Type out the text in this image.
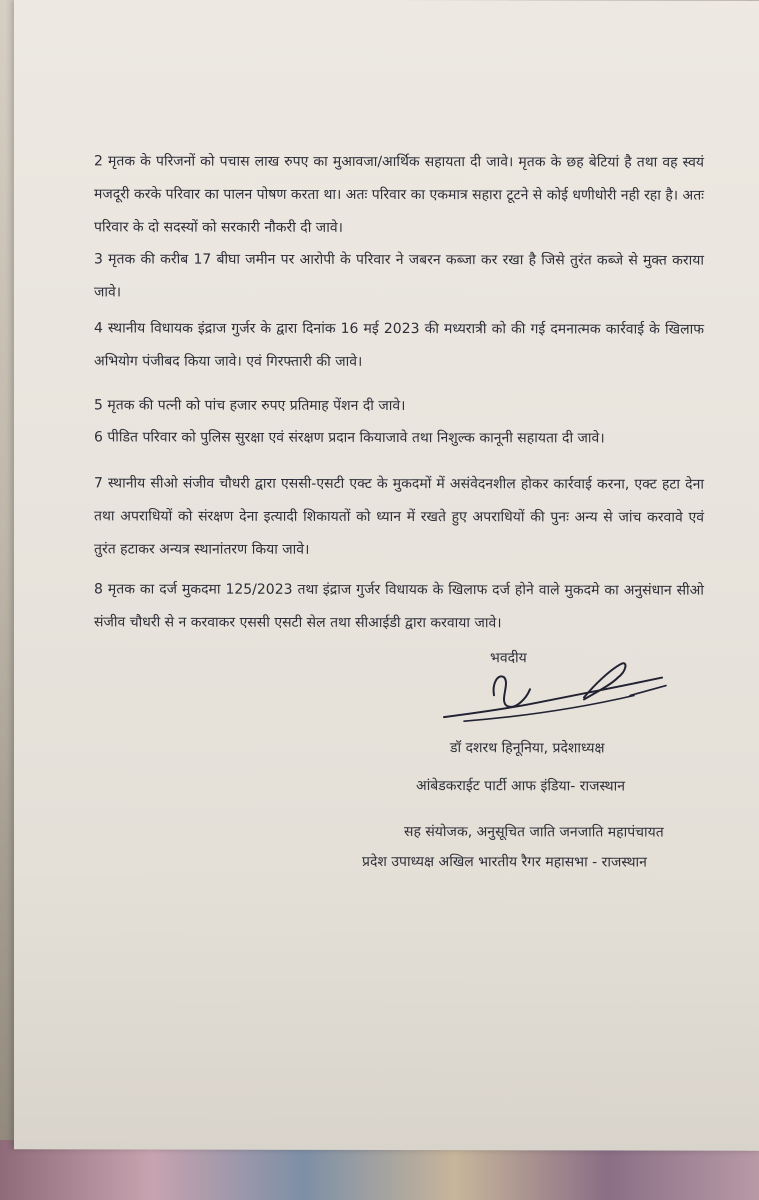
2 मृतक के परिजनों को पचास लाख रुपए का मुआवजा/आर्थिक सहायता दी जावे। मृतक के छह बेटियां है तथा वह स्वयं मजदूरी करके परिवार का पालन पोषण करता था। अतः परिवार का एकमात्र सहारा टूटने से कोई धणीधोरी नही रहा है। अतः परिवार के दो सदस्यों को सरकारी नौकरी दी जावे।

3 मृतक की करीब 17 बीघा जमीन पर आरोपी के परिवार ने जबरन कब्जा कर रखा है जिसे तुरंत कब्जे से मुक्त कराया जावे।

4 स्थानीय विधायक इंद्राज गुर्जर के द्वारा दिनांक 16 मई 2023 की मध्यरात्री को की गई दमनात्मक कार्रवाई के खिलाफ अभियोग पंजीबद किया जावे। एवं गिरफ्तारी की जावे।

5 मृतक की पत्नी को पांच हजार रुपए प्रतिमाह पेंशन दी जावे।

6 पीडित परिवार को पुलिस सुरक्षा एवं संरक्षण प्रदान कियाजावे तथा निशुल्क कानूनी सहायता दी जावे।

7 स्थानीय सीओ संजीव चौधरी द्वारा एससी-एसटी एक्ट के मुकदमों में असंवेदनशील होकर कार्रवाई करना, एक्ट हटा देना तथा अपराधियों को संरक्षण देना इत्यादी शिकायतों को ध्यान में रखते हुए अपराधियों की पुनः अन्य से जांच करवावे एवं तुरंत हटाकर अन्यत्र स्थानांतरण किया जावे।

8 मृतक का दर्ज मुकदमा 125/2023 तथा इंद्राज गुर्जर विधायक के खिलाफ दर्ज होने वाले मुकदमे का अनुसंधान सीओ संजीव चौधरी से न करवाकर एससी एसटी सेल तथा सीआईडी द्वारा करवाया जावे।

भवदीय
डॉ दशरथ हिनूनिया, प्रदेशाध्यक्ष
आंबेडकराईट पार्टी आफ इंडिया- राजस्थान
सह संयोजक, अनुसूचित जाति जनजाति महापंचायत
प्रदेश उपाध्यक्ष अखिल भारतीय रैगर महासभा - राजस्थान
